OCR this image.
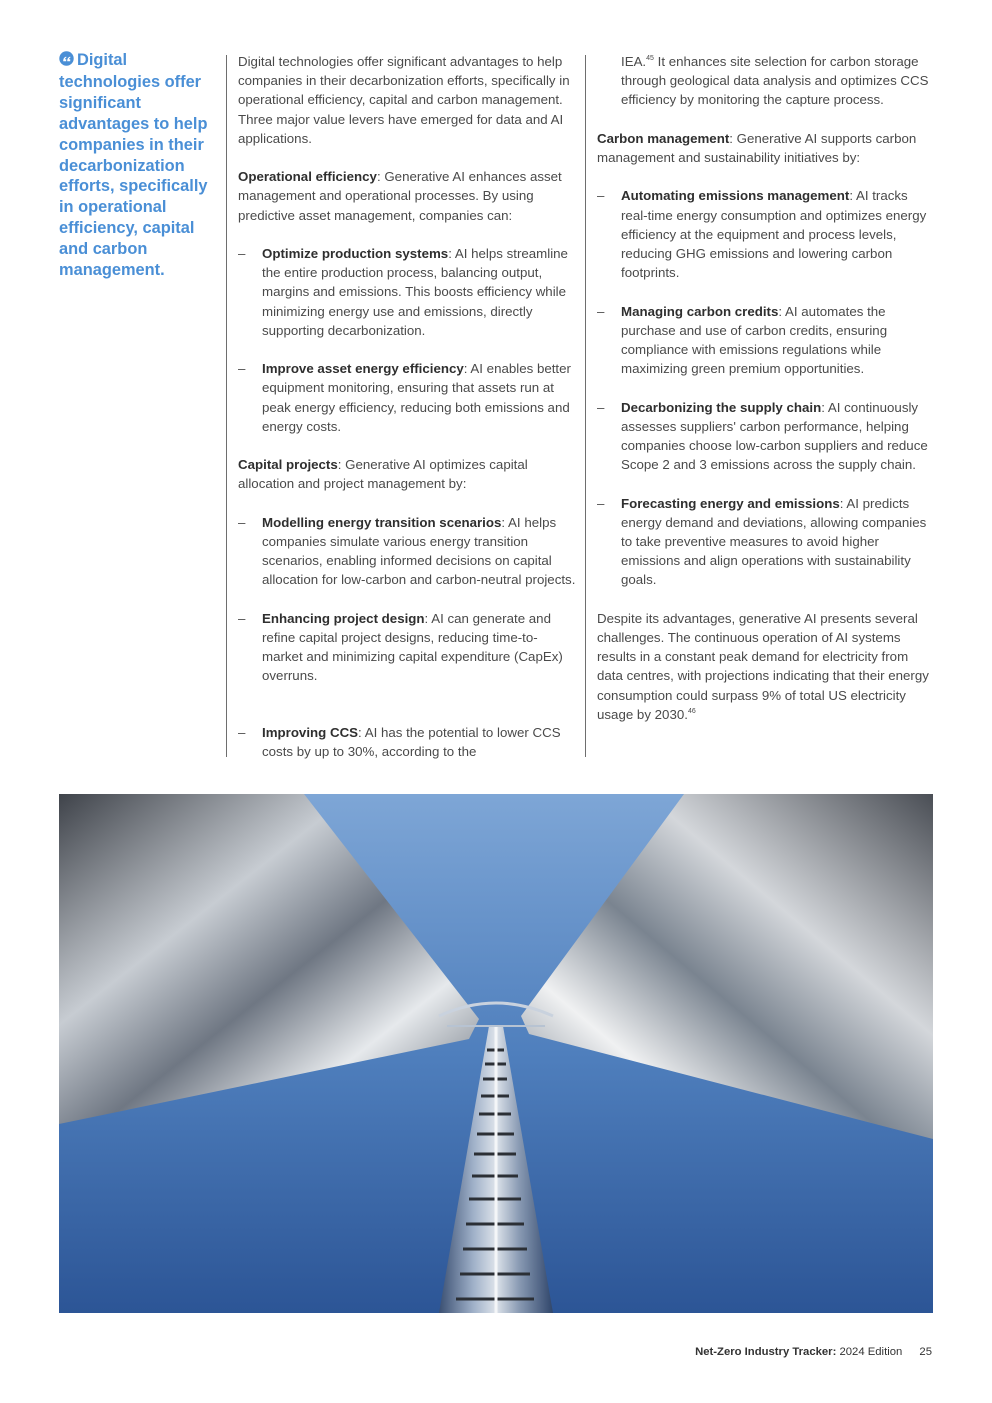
Digital technologies offer significant advantages to help companies in their decarbonization efforts, specifically in operational efficiency, capital and carbon management.

Digital technologies offer significant advantages to help companies in their decarbonization efforts, specifically in operational efficiency, capital and carbon management. Three major value levers have emerged for data and AI applications.

Operational efficiency: Generative AI enhances asset management and operational processes. By using predictive asset management, companies can:

– Optimize production systems: AI helps streamline the entire production process, balancing output, margins and emissions. This boosts efficiency while minimizing energy use and emissions, directly supporting decarbonization.
– Improve asset energy efficiency: AI enables better equipment monitoring, ensuring that assets run at peak energy efficiency, reducing both emissions and energy costs.

Capital projects: Generative AI optimizes capital allocation and project management by:

– Modelling energy transition scenarios: AI helps companies simulate various energy transition scenarios, enabling informed decisions on capital allocation for low-carbon and carbon-neutral projects.
– Enhancing project design: AI can generate and refine capital project designs, reducing time-to-market and minimizing capital expenditure (CapEx) overruns.
– Improving CCS: AI has the potential to lower CCS costs by up to 30%, according to the
IEA.$^{45}$ It enhances site selection for carbon storage through geological data analysis and optimizes CCS efficiency by monitoring the capture process.

Carbon management: Generative AI supports carbon management and sustainability initiatives by:

– Automating emissions management: AI tracks real-time energy consumption and optimizes energy efficiency at the equipment and process levels, reducing GHG emissions and lowering carbon footprints.
– Managing carbon credits: AI automates the purchase and use of carbon credits, ensuring compliance with emissions regulations while maximizing green premium opportunities.
– Decarbonizing the supply chain: AI continuously assesses suppliers' carbon performance, helping companies choose low-carbon suppliers and reduce Scope 2 and 3 emissions across the supply chain.
– Forecasting energy and emissions: AI predicts energy demand and deviations, allowing companies to take preventive measures to avoid higher emissions and align operations with sustainability goals.

Despite its advantages, generative AI presents several challenges. The continuous operation of AI systems results in a constant peak demand for electricity from data centres, with projections indicating that their energy consumption could surpass 9% of total US electricity usage by 2030.46

Net-Zero Industry Tracker: 2024 Edition 25
